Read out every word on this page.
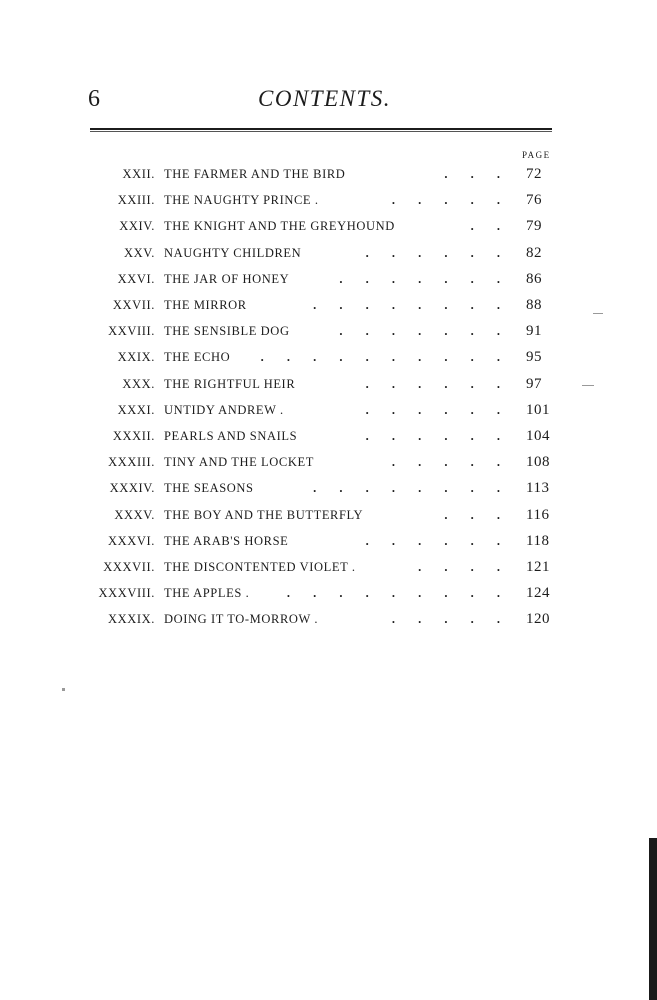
6	CONTENTS.
PAGE
XXII. THE FARMER AND THE BIRD	. . . 72
XXIII. THE NAUGHTY PRINCE .	. . . . . 76
XXIV. THE KNIGHT AND THE GREYHOUND	. . 79
XXV. NAUGHTY CHILDREN	. . . . . . 82
XXVI. THE JAR OF HONEY	. . . . . . . 86
XXVII. THE MIRROR	. . . . . . . . 88
XXVIII. THE SENSIBLE DOG	. . . . . . . 91
XXIX. THE ECHO . . . . . . . . . . 95
XXX. THE RIGHTFUL HEIR	. . . . . . 97
XXXI. UNTIDY ANDREW .	. . . . . . 101
XXXII. PEARLS AND SNAILS	. . . . . . 104
XXXIII. TINY AND THE LOCKET	. . . . . 108
XXXIV. THE SEASONS	. . . . . . . . 113
XXXV. THE BOY AND THE BUTTERFLY	. . . 116
XXXVI. THE ARAB'S HORSE	. . . . . . 118
XXXVII. THE DISCONTENTED VIOLET .	. . . . 121
XXXVIII. THE APPLES .	. . . . . . . . . 124
XXXIX. DOING IT TO-MORROW .	. . . . . 120
